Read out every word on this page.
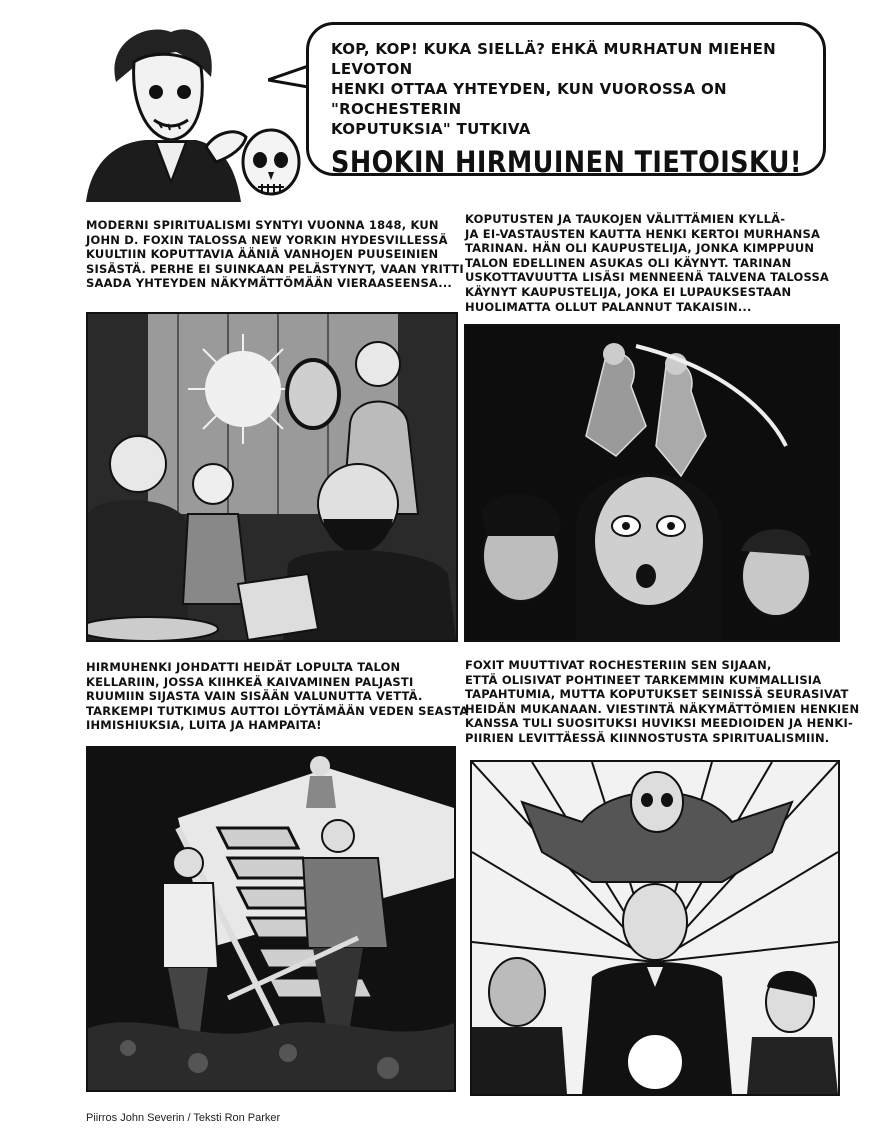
KOP, KOP! KUKA SIELLÄ? EHKÄ MURHATUN MIEHEN LEVOTON

HENKI OTTAA YHTEYDEN, KUN VUOROSSA ON "ROCHESTERIN

KOPUTUKSIA" TUTKIVA

SHOKIN HIRMUINEN TIETOISKU!
MODERNI SPIRITUALISMI SYNTYI VUONNA 1848, KUN
JOHN D. FOXIN TALOSSA NEW YORKIN HYDESVILLESSÄ
KUULTIIN KOPUTTAVIA ÄÄNIÄ VANHOJEN PUUSEINIEN
SISÄSTÄ. PERHE EI SUINKAAN PELÄSTYNYT, VAAN YRITTI
SAADA YHTEYDEN NÄKYMÄTTÖMÄÄN VIERAASEENSA...
KOPUTUSTEN JA TAUKOJEN VÄLITTÄMIEN KYLLÄ-
JA EI-VASTAUSTEN KAUTTA HENKI KERTOI MURHANSA
TARINAN. HÄN OLI KAUPUSTELIJA, JONKA KIMPPUUN
TALON EDELLINEN ASUKAS OLI KÄYNYT. TARINAN
USKOTTAVUUTTA LISÄSI MENNEENÄ TALVENA TALOSSA
KÄYNYT KAUPUSTELIJA, JOKA EI LUPAUKSESTAAN
HUOLIMATTA OLLUT PALANNUT TAKAISIN...
HIRMUHENKI JOHDATTI HEIDÄT LOPULTA TALON
KELLARIIN, JOSSA KIIHKEÄ KAIVAMINEN PALJASTI
RUUMIIN SIJASTA VAIN SISÄÄN VALUNUTTA VETTÄ.
TARKEMPI TUTKIMUS AUTTOI LÖYTÄMÄÄN VEDEN SEASTA
IHMISHIUKSIA, LUITA JA HAMPAITA!
FOXIT MUUTTIVAT ROCHESTERIIN SEN SIJAAN,
ETTÄ OLISIVAT POHTINEET TARKEMMIN KUMMALLISIA
TAPAHTUMIA, MUTTA KOPUTUKSET SEINISSÄ SEURASIVAT
HEIDÄN MUKANAAN. VIESTINTÄ NÄKYMÄTTÖMIEN HENKIEN
KANSSA TULI SUOSITUKSI HUVIKSI MEEDIOIDEN JA HENKI-
PIIRIEN LEVITTÄESSÄ KIINNOSTUSTA SPIRITUALISMIIN.
Piirros John Severin / Teksti Ron Parker
